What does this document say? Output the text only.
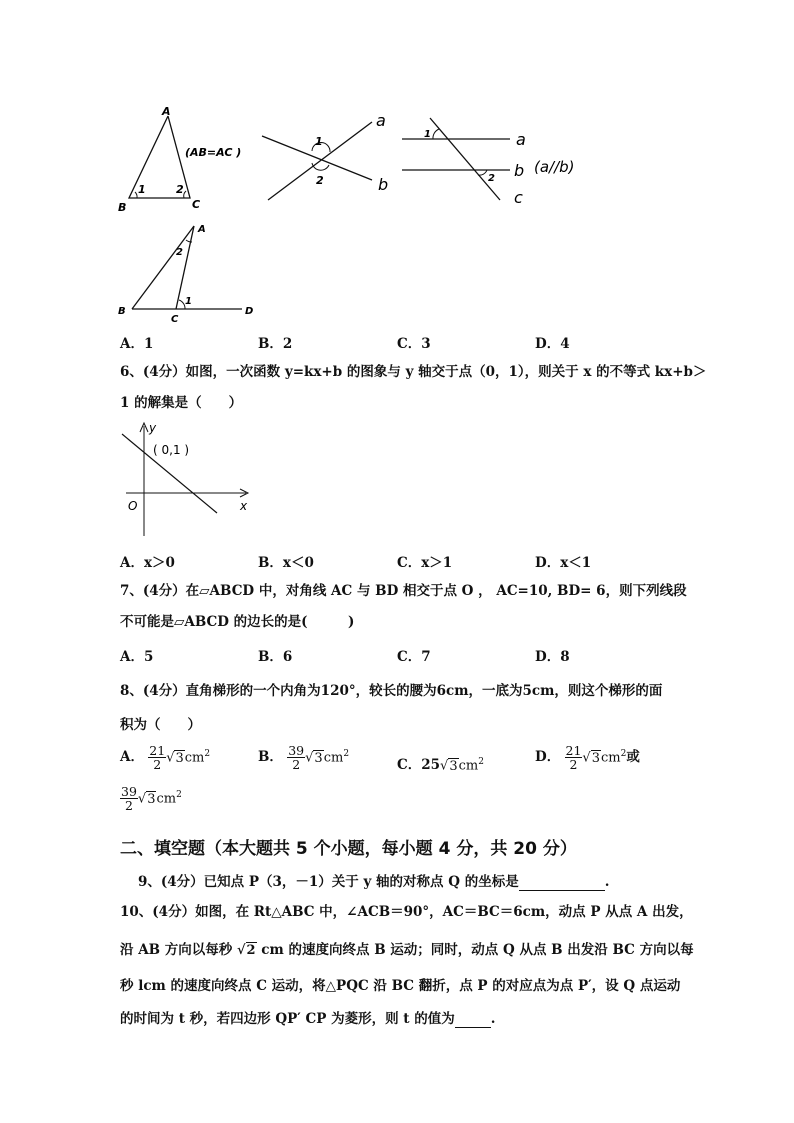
A
B	C
1	2
(AB=AC )
1
2
a
b
1
2
a
b
c
(a//b)
A
B
C
D
1
2
A．1	B．2	C．3	D．4
6、(4分）如图，一次函数 y=kx+b 的图象与 y 轴交于点（0，1），则关于 x 的不等式 kx+b＞
1 的解集是（　　）
y
x
O
( 0,1 )
A．x＞0	B．x＜0	C．x＞1	D．x＜1
7、(4分）在▱ABCD 中，对角线 AC 与 BD 相交于点 O ， AC=10, BD= 6，则下列线段
不可能是▱ABCD 的边长的是(　　　)
A．5	B．6	C．7	D．8
8、(4分）直角梯形的一个内角为120°，较长的腰为6cm，一底为5cm，则这个梯形的面
积为（　　）
A． $\frac{21}{2} √3cm^2$	B． $\frac{39}{2} √3cm^2$
C．$25√3cm^2$	D． $\frac{21}{2} √3cm^2$或
$\frac{39}{2} √3cm^2$
二、填空题（本大题共 5 个小题，每小题 4 分，共 20 分）
9、(4分）已知点 P（3，－1）关于 y 轴的对称点 Q 的坐标是	.
10、(4分）如图，在 Rt△ABC 中，∠ACB＝90°，AC＝BC＝6cm，动点 P 从点 A 出发，
沿 AB 方向以每秒 √2 cm 的速度向终点 B 运动；同时，动点 Q 从点 B 出发沿 BC 方向以每
秒 lcm 的速度向终点 C 运动，将△PQC 沿 BC 翻折，点 P 的对应点为点 P′，设 Q 点运动
的时间为 t 秒，若四边形 QP′ CP 为菱形，则 t 的值为	.
